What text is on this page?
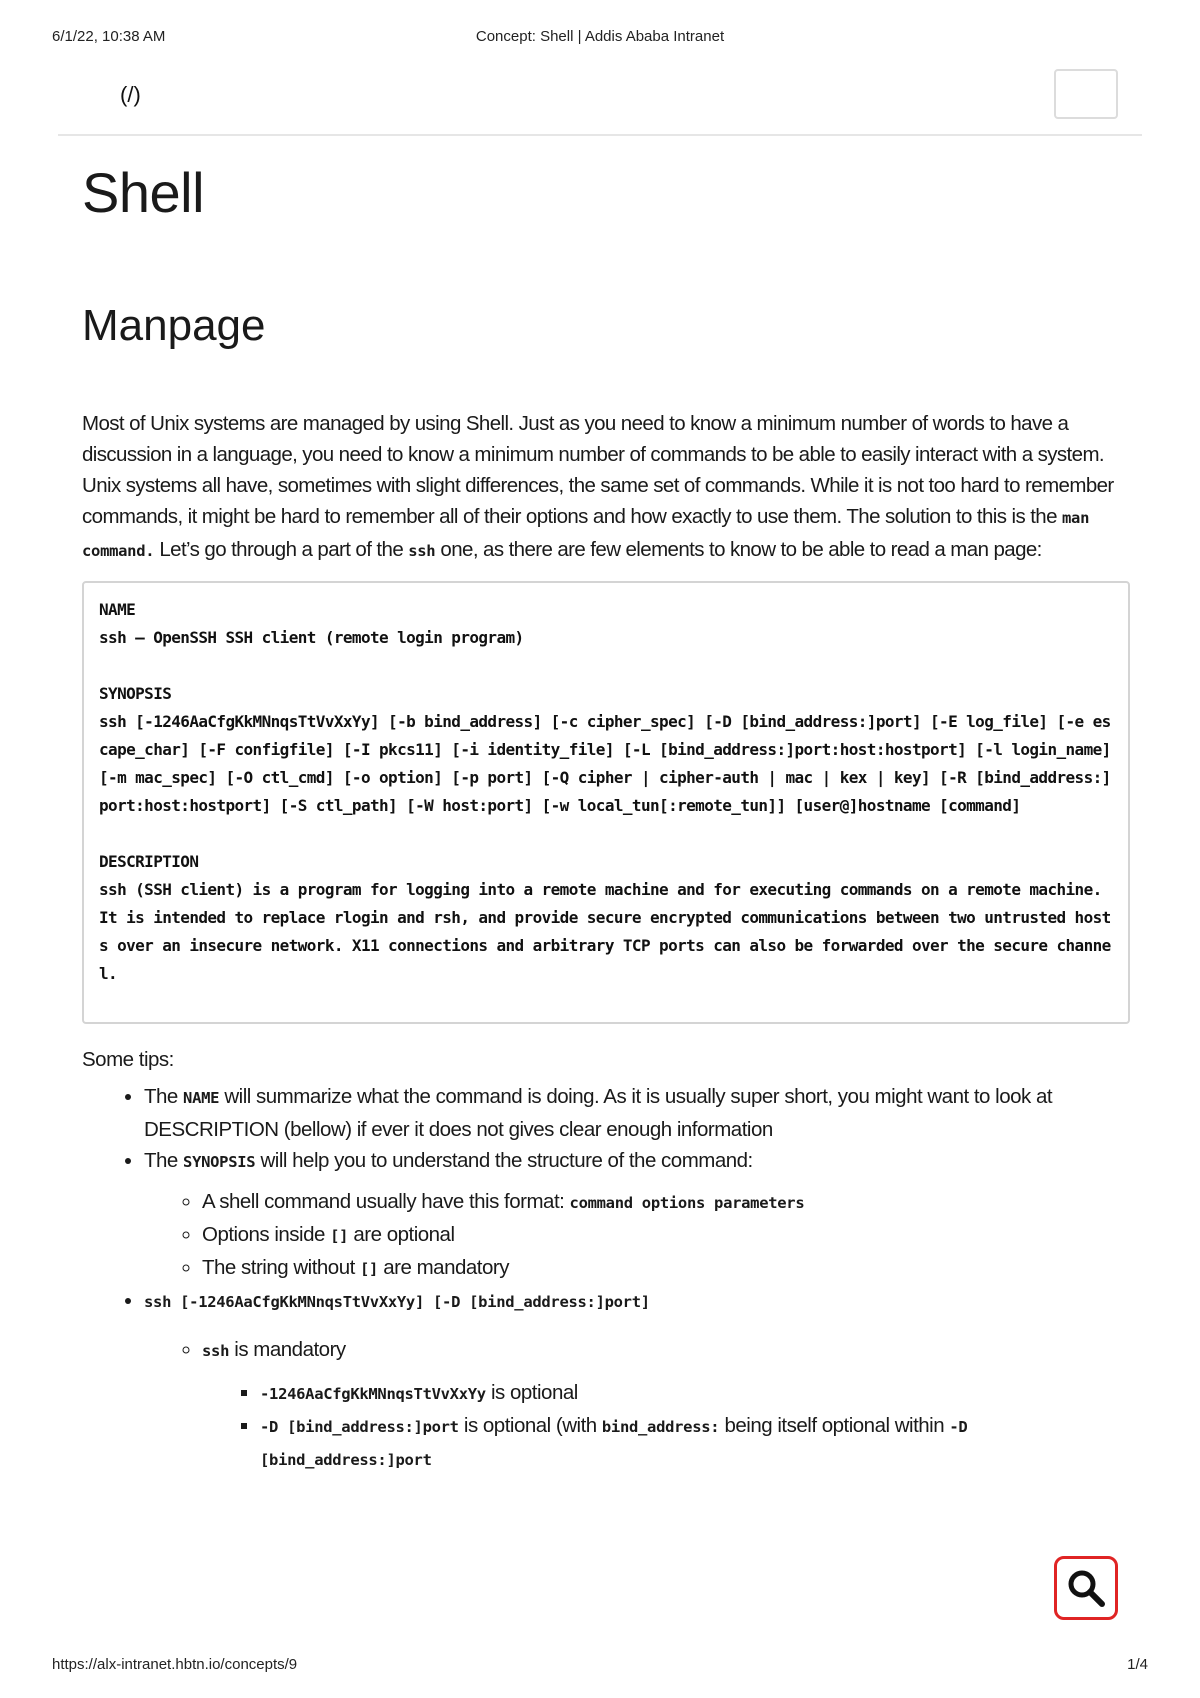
6/1/22, 10:38 AM	Concept: Shell | Addis Ababa Intranet
(/)
Shell
Manpage

Most of Unix systems are managed by using Shell. Just as you need to know a minimum number of words to have a discussion in a language, you need to know a minimum number of commands to be able to easily interact with a system. Unix systems all have, sometimes with slight differences, the same set of commands. While it is not too hard to remember commands, it might be hard to remember all of their options and how exactly to use them. The solution to this is the man command. Let’s go through a part of the ssh one, as there are few elements to know to be able to read a man page:

NAME
ssh — OpenSSH SSH client (remote login program)
SYNOPSIS
ssh [-1246AaCfgKkMNnqsTtVvXxYy] [-b bind_address] [-c cipher_spec] [-D [bind_address:]port] [-E log_file] [-e escape_char] [-F configfile] [-I pkcs11] [-i identity_file] [-L [bind_address:]port:host:hostport] [-l login_name] [-m mac_spec] [-O ctl_cmd] [-o option] [-p port] [-Q cipher | cipher-auth | mac | kex | key] [-R [bind_address:]port:host:hostport] [-S ctl_path] [-W host:port] [-w local_tun[:remote_tun]] [user@]hostname [command]
DESCRIPTION
ssh (SSH client) is a program for logging into a remote machine and for executing commands on a remote machine. It is intended to replace rlogin and rsh, and provide secure encrypted communications between two untrusted hosts over an insecure network. X11 connections and arbitrary TCP ports can also be forwarded over the secure channel.

Some tips:

• The NAME will summarize what the command is doing. As it is usually super short, you might want to look at DESCRIPTION (bellow) if ever it does not gives clear enough information
• The SYNOPSIS will help you to understand the structure of the command:
◦ A shell command usually have this format: command options parameters
◦ Options inside [] are optional
◦ The string without [] are mandatory
• ssh [-1246AaCfgKkMNnqsTtVvXxYy] [-D [bind_address:]port]
◦ ssh is mandatory
▪ -1246AaCfgKkMNnqsTtVvXxYy is optional
▪ -D [bind_address:]port is optional (with bind_address: being itself optional within -D [bind_address:]port
https://alx-intranet.hbtn.io/concepts/9	1/4
